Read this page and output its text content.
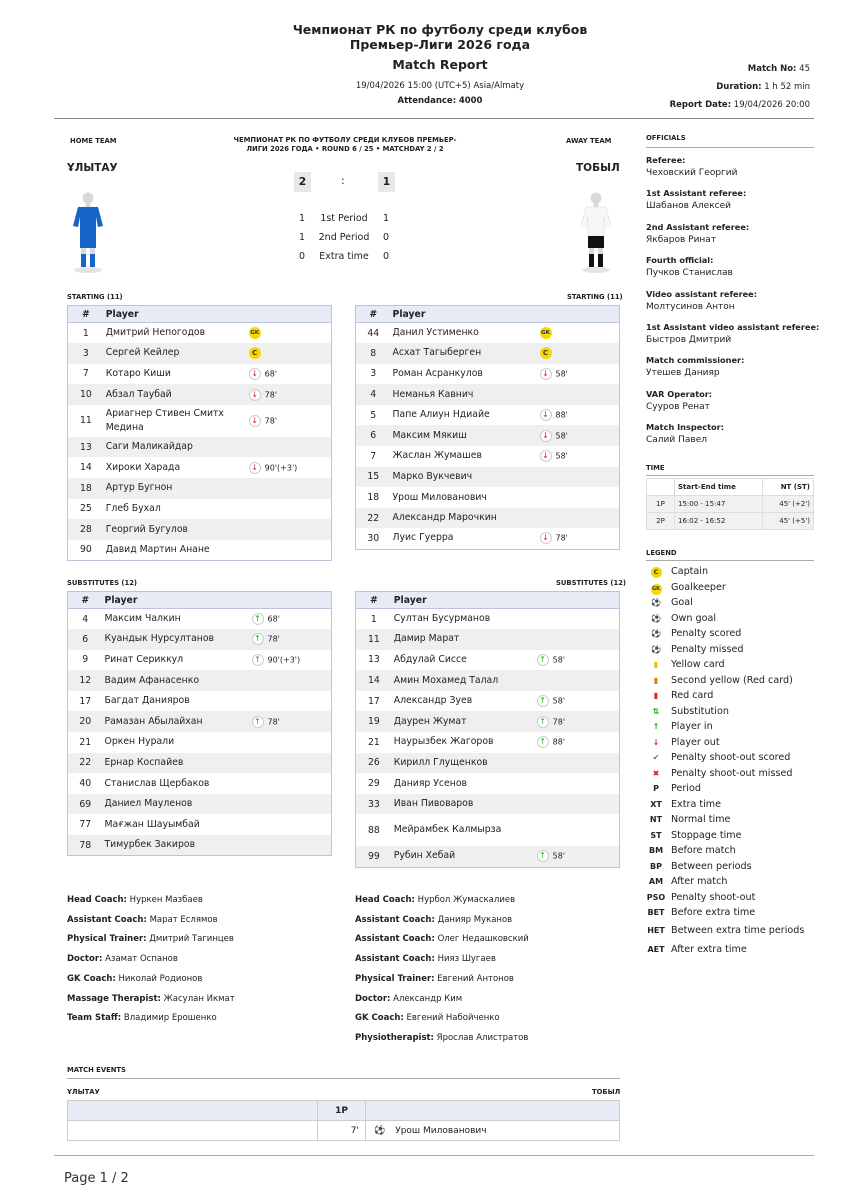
Чемпионат РК по футболу среди клубов
Премьер-Лиги 2026 года
Match Report
19/04/2026 15:00 (UTC+5) Asia/Almaty
Attendance: 4000
Match No: 45
Duration: 1 h 52 min
Report Date: 19/04/2026 20:00
HOME TEAM	AWAY TEAM
ЧЕМПИОНАТ РК ПО ФУТБОЛУ СРЕДИ КЛУБОВ ПРЕМЬЕР-ЛИГИ 2026 ГОДА • ROUND 6 / 25 • MATCHDAY 2 / 2
ҰЛЫТАУ	ТОБЫЛ
2	:	1
1	1st Period	1
1	2nd Period	0
0	Extra time	0
STARTING (11)	STARTING (11)
SUBSTITUTES (12)	SUBSTITUTES (12)
#	Player	
1	Дмитрий Непогодов	GK
3	Сергей Кейлер	C
7	Котаро Киши	↓ 68'
10	Абзал Таубай	↓ 78'
11	Ариагнер Стивен Смитх Медина	↓ 78'
13	Саги Маликайдар	
14	Хироки Харада	↓ 90'(+3')
18	Артур Бугнон	
25	Глеб Бухал	
28	Георгий Бугулов	
90	Давид Мартин Ананe	
#	Player	
44	Данил Устименко	GK
8	Асхат Тагыберген	C
3	Роман Асранкулов	↓ 58'
4	Неманья Кавнич	
5	Папе Алиун Ндиайе	↓ 88'
6	Максим Мякиш	↓ 58'
7	Жаслан Жумашев	↓ 58'
15	Марко Вукчевич	
18	Урош Милованович	
22	Александр Марочкин	
30	Луис Гуерра	↓ 78'
#	Player	
4	Максим Чалкин	↑ 68'
6	Куандык Нурсултанов	↑ 78'
9	Ринат Сериккул	↑ 90'(+3')
12	Вадим Афанасенко	
17	Багдат Данияров	
20	Рамазан Абылайхан	↑ 78'
21	Оркен Нурали	
22	Ернар Коспайев	
40	Станислав Щербаков	
69	Даниел Мауленов	
77	Мағжан Шауымбай	
78	Тимурбек Закиров	
#	Player	
1	Султан Бусурманов	
11	Дамир Марат	
13	Абдулай Сиссе	↑ 58'
14	Амин Мохамед Талал	
17	Александр Зуев	↑ 58'
19	Даурен Жумат	↑ 78'
21	Наурызбек Жагоров	↑ 88'
26	Кирилл Глущенков	
29	Данияр Усенов	
33	Иван Пивоваров	
88	Мейрамбек Калмырза	
99	Рубин Хебай	↑ 58'
Head Coach: Нуркен Мазбаев
Assistant Coach: Марат Еслямов
Physical Trainer: Дмитрий Тагинцев
Doctor: Азамат Оспанов
GK Coach: Николай Родионов
Massage Therapist: Жасулан Икмат
Team Staff: Владимир Ерошенко
Head Coach: Нурбол Жумаскалиев
Assistant Coach: Данияр Муканов
Assistant Coach: Олег Недашковский
Assistant Coach: Нияз Шугаев
Physical Trainer: Евгений Антонов
Doctor: Александр Ким
GK Coach: Евгений Набойченко
Physiotherapist: Ярослав Алистратов
OFFICIALS
Referee:
Чеховский Георгий
1st Assistant referee:
Шабанов Алексей
2nd Assistant referee:
Якбаров Ринат
Fourth official:
Пучков Станислав
Video assistant referee:
Молтусинов Антон
1st Assistant video assistant referee:
Быстров Дмитрий
Match commissioner:
Утешев Данияр
VAR Operator:
Сууров Ренат
Match Inspector:
Салий Павел
TIME
	Start-End time	NT (ST)
1P	15:00 - 15:47	45' (+2')
2P	16:02 - 16:52	45' (+5')
LEGEND
C	Captain
GK	Goalkeeper
⚽	Goal
⚽	Own goal
⚽	Penalty scored
⚽	Penalty missed
▮	Yellow card
▮	Second yellow (Red card)
▮	Red card
⇅	Substitution
↑	Player in
↓	Player out
✔	Penalty shoot-out scored
✖	Penalty shoot-out missed
P	Period
XT Extra time
NT Normal time
ST Stoppage time
BM Before match
BP Between periods
AM After match
PSO Penalty shoot-out
BET Before extra time
HET Between extra time periods
AET After extra time
MATCH EVENTS
ҰЛЫТАУ	ТОБЫЛ
	1P	
	7'	⚽ Урош Милованович
Page 1 / 2
